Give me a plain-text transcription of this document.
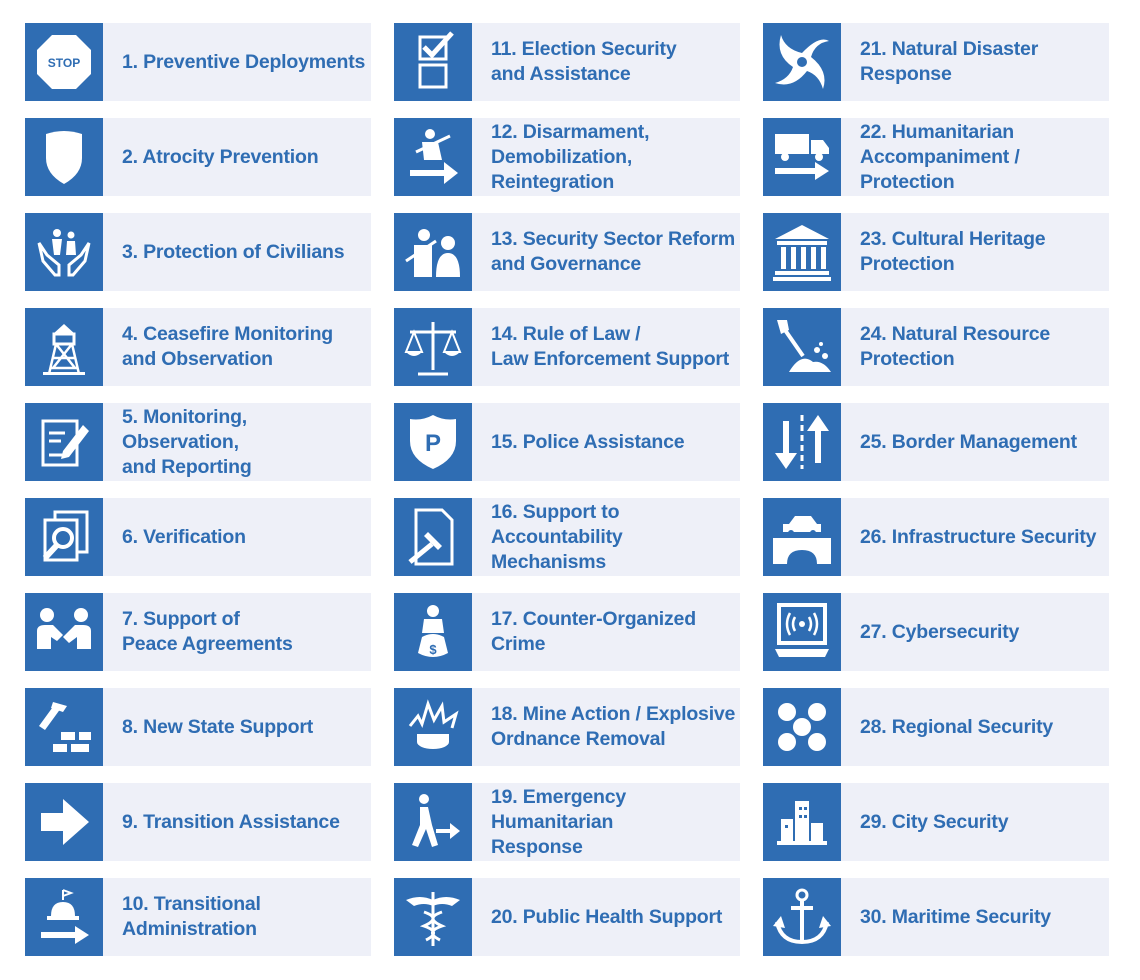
STOP 1. Preventive Deployments
2. Atrocity Prevention
3. Protection of Civilians
4. Ceasefire Monitoring
and Observation
5. Monitoring, Observation,
and Reporting
6. Verification
7. Support of
Peace Agreements
8. New State Support
9. Transition Assistance
10. Transitional
Administration
11. Election Security
and Assistance
12. Disarmament,
Demobilization, Reintegration
13. Security Sector Reform
and Governance
14. Rule of Law /
Law Enforcement Support
P	15. Police Assistance
16. Support to
Accountability Mechanisms
$
17. Counter-Organized
Crime
18. Mine Action / Explosive
Ordnance Removal
19. Emergency Humanitarian
Response
20. Public Health Support
21. Natural Disaster
Response
22. Humanitarian
Accompaniment / Protection
23. Cultural Heritage
Protection
24. Natural Resource
Protection
25. Border Management
26. Infrastructure Security
27. Cybersecurity
28. Regional Security
29. City Security
30. Maritime Security
